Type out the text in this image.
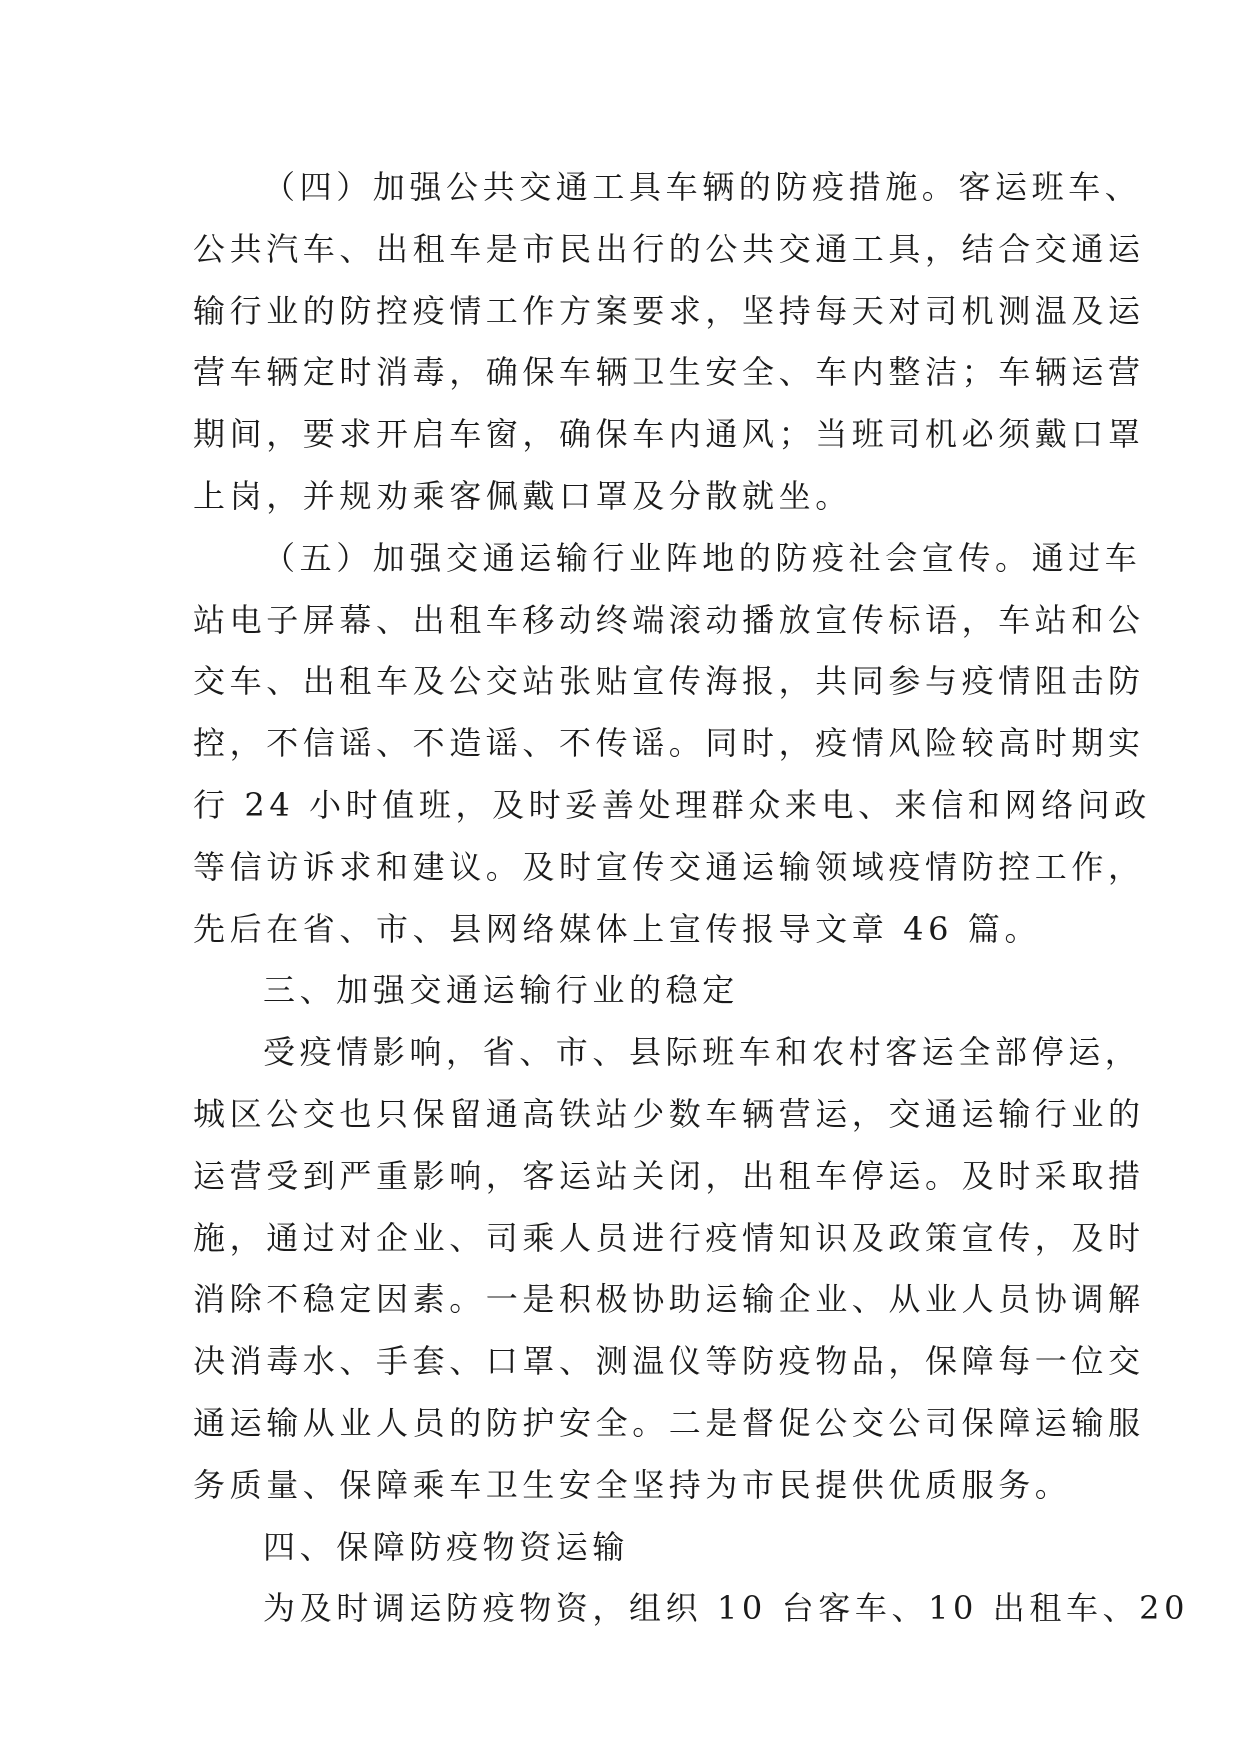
（四）加强公共交通工具车辆的防疫措施。客运班车、
公共汽车、出租车是市民出行的公共交通工具，结合交通运
输行业的防控疫情工作方案要求，坚持每天对司机测温及运
营车辆定时消毒，确保车辆卫生安全、车内整洁；车辆运营
期间，要求开启车窗，确保车内通风；当班司机必须戴口罩
上岗，并规劝乘客佩戴口罩及分散就坐。
（五）加强交通运输行业阵地的防疫社会宣传。通过车
站电子屏幕、出租车移动终端滚动播放宣传标语，车站和公
交车、出租车及公交站张贴宣传海报，共同参与疫情阻击防
控，不信谣、不造谣、不传谣。同时，疫情风险较高时期实
行 24 小时值班，及时妥善处理群众来电、来信和网络问政
等信访诉求和建议。及时宣传交通运输领域疫情防控工作，
先后在省、市、县网络媒体上宣传报导文章 46 篇。
三、加强交通运输行业的稳定
受疫情影响，省、市、县际班车和农村客运全部停运，
城区公交也只保留通高铁站少数车辆营运，交通运输行业的
运营受到严重影响，客运站关闭，出租车停运。及时采取措
施，通过对企业、司乘人员进行疫情知识及政策宣传，及时
消除不稳定因素。一是积极协助运输企业、从业人员协调解
决消毒水、手套、口罩、测温仪等防疫物品，保障每一位交
通运输从业人员的防护安全。二是督促公交公司保障运输服
务质量、保障乘车卫生安全坚持为市民提供优质服务。
四、保障防疫物资运输
为及时调运防疫物资，组织 10 台客车、10 出租车、20
